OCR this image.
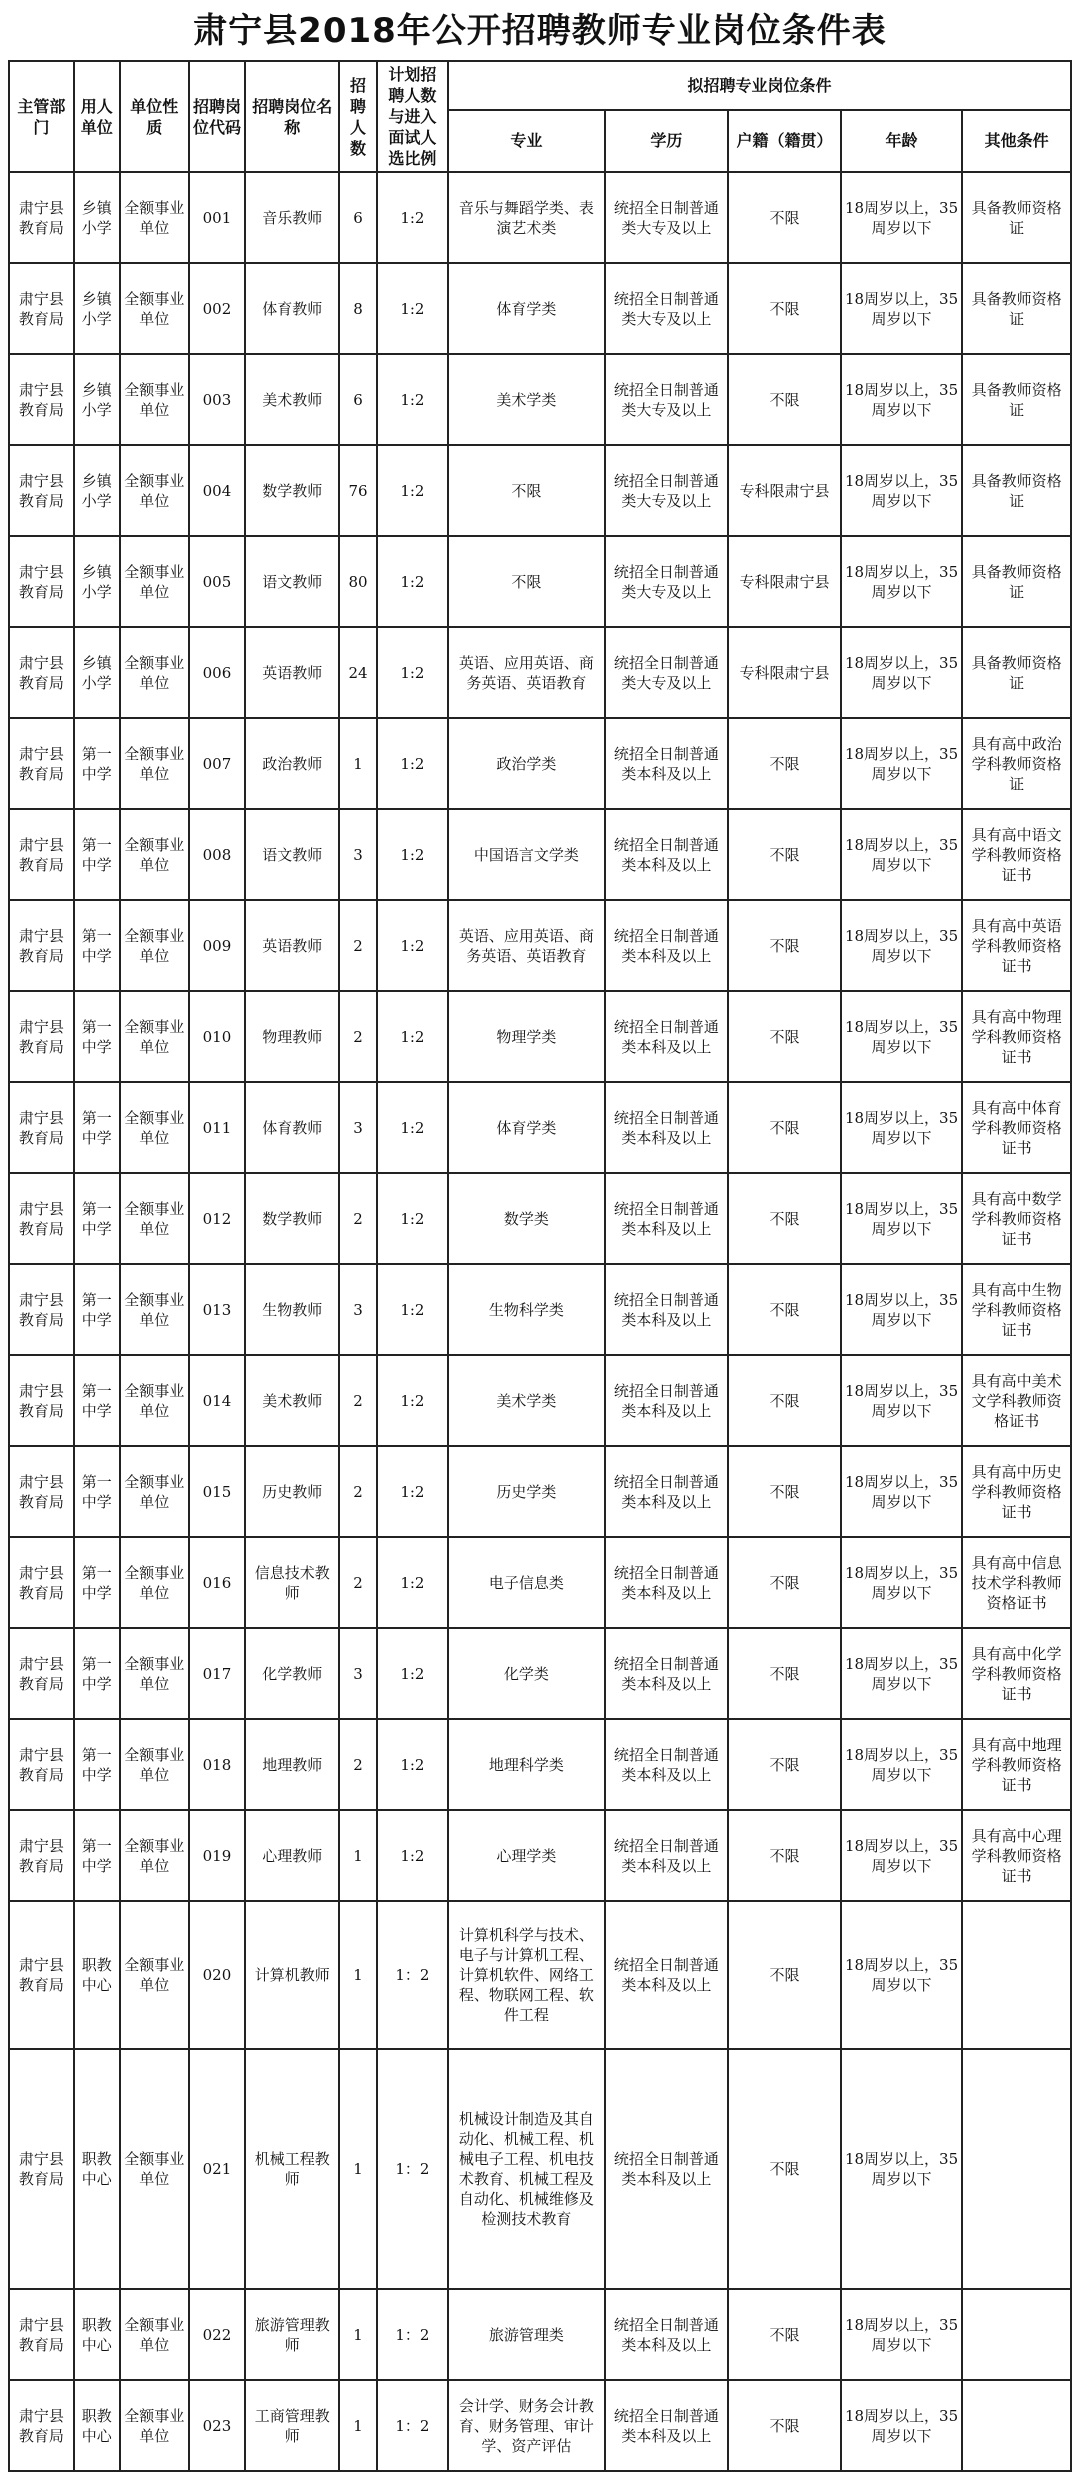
肃宁县2018年公开招聘教师专业岗位条件表
主管部门	用人单位	单位性质	招聘岗位代码	招聘岗位名称	招聘人数	计划招聘人数与进入面试人选比例	拟招聘专业岗位条件				
							专业	学历	户籍（籍贯）	年龄	其他条件
肃宁县教育局	乡镇小学	全额事业单位	001	音乐教师	6	1:2	音乐与舞蹈学类、表演艺术类	统招全日制普通类大专及以上	不限	18周岁以上，35周岁以下	具备教师资格证
肃宁县教育局	乡镇小学	全额事业单位	002	体育教师	8	1:2	体育学类	统招全日制普通类大专及以上	不限	18周岁以上，35周岁以下	具备教师资格证
肃宁县教育局	乡镇小学	全额事业单位	003	美术教师	6	1:2	美术学类	统招全日制普通类大专及以上	不限	18周岁以上，35周岁以下	具备教师资格证
肃宁县教育局	乡镇小学	全额事业单位	004	数学教师	76	1:2	不限	统招全日制普通类大专及以上	专科限肃宁县	18周岁以上，35周岁以下	具备教师资格证
肃宁县教育局	乡镇小学	全额事业单位	005	语文教师	80	1:2	不限	统招全日制普通类大专及以上	专科限肃宁县	18周岁以上，35周岁以下	具备教师资格证
肃宁县教育局	乡镇小学	全额事业单位	006	英语教师	24	1:2	英语、应用英语、商务英语、英语教育	统招全日制普通类大专及以上	专科限肃宁县	18周岁以上，35周岁以下	具备教师资格证
肃宁县教育局	第一中学	全额事业单位	007	政治教师	1	1:2	政治学类	统招全日制普通类本科及以上	不限	18周岁以上，35周岁以下	具有高中政治学科教师资格证
肃宁县教育局	第一中学	全额事业单位	008	语文教师	3	1:2	中国语言文学类	统招全日制普通类本科及以上	不限	18周岁以上，35周岁以下	具有高中语文学科教师资格证书
肃宁县教育局	第一中学	全额事业单位	009	英语教师	2	1:2	英语、应用英语、商务英语、英语教育	统招全日制普通类本科及以上	不限	18周岁以上，35周岁以下	具有高中英语学科教师资格证书
肃宁县教育局	第一中学	全额事业单位	010	物理教师	2	1:2	物理学类	统招全日制普通类本科及以上	不限	18周岁以上，35周岁以下	具有高中物理学科教师资格证书
肃宁县教育局	第一中学	全额事业单位	011	体育教师	3	1:2	体育学类	统招全日制普通类本科及以上	不限	18周岁以上，35周岁以下	具有高中体育学科教师资格证书
肃宁县教育局	第一中学	全额事业单位	012	数学教师	2	1:2	数学类	统招全日制普通类本科及以上	不限	18周岁以上，35周岁以下	具有高中数学学科教师资格证书
肃宁县教育局	第一中学	全额事业单位	013	生物教师	3	1:2	生物科学类	统招全日制普通类本科及以上	不限	18周岁以上，35周岁以下	具有高中生物学科教师资格证书
肃宁县教育局	第一中学	全额事业单位	014	美术教师	2	1:2	美术学类	统招全日制普通类本科及以上	不限	18周岁以上，35周岁以下	具有高中美术文学科教师资格证书
肃宁县教育局	第一中学	全额事业单位	015	历史教师	2	1:2	历史学类	统招全日制普通类本科及以上	不限	18周岁以上，35周岁以下	具有高中历史学科教师资格证书
肃宁县教育局	第一中学	全额事业单位	016	信息技术教师	2	1:2	电子信息类	统招全日制普通类本科及以上	不限	18周岁以上，35周岁以下	具有高中信息技术学科教师资格证书
肃宁县教育局	第一中学	全额事业单位	017	化学教师	3	1:2	化学类	统招全日制普通类本科及以上	不限	18周岁以上，35周岁以下	具有高中化学学科教师资格证书
肃宁县教育局	第一中学	全额事业单位	018	地理教师	2	1:2	地理科学类	统招全日制普通类本科及以上	不限	18周岁以上，35周岁以下	具有高中地理学科教师资格证书
肃宁县教育局	第一中学	全额事业单位	019	心理教师	1	1:2	心理学类	统招全日制普通类本科及以上	不限	18周岁以上，35周岁以下	具有高中心理学科教师资格证书
肃宁县教育局	职教中心	全额事业单位	020	计算机教师	1	1：2	计算机科学与技术、电子与计算机工程、计算机软件、网络工程、物联网工程、软件工程	统招全日制普通类本科及以上	不限	18周岁以上，35周岁以下	
肃宁县教育局	职教中心	全额事业单位	021	机械工程教师	1	1：2	机械设计制造及其自动化、机械工程、机械电子工程、机电技术教育、机械工程及自动化、机械维修及检测技术教育	统招全日制普通类本科及以上	不限	18周岁以上，35周岁以下	
肃宁县教育局	职教中心	全额事业单位	022	旅游管理教师	1	1：2	旅游管理类	统招全日制普通类本科及以上	不限	18周岁以上，35周岁以下	
肃宁县教育局	职教中心	全额事业单位	023	工商管理教师	1	1：2	会计学、财务会计教育、财务管理、审计学、资产评估	统招全日制普通类本科及以上	不限	18周岁以上，35周岁以下	
